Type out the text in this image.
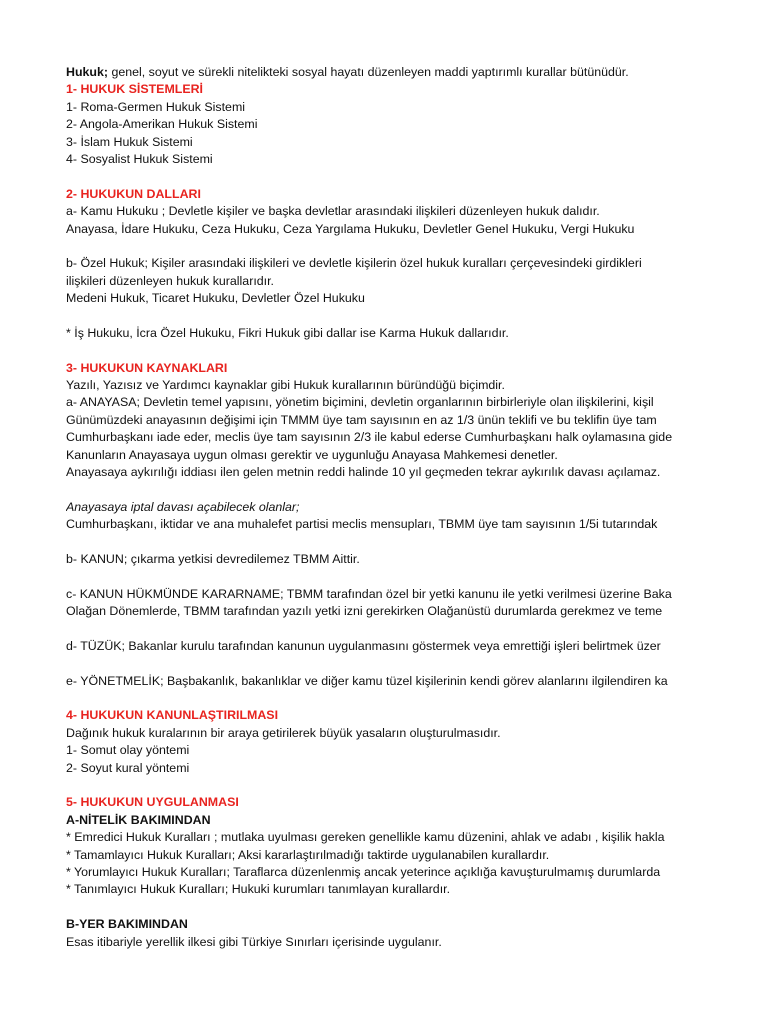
Hukuk; genel, soyut ve sürekli nitelikteki sosyal hayatı düzenleyen maddi yaptırımlı kurallar bütünüdür.
1- HUKUK SİSTEMLERİ
1- Roma-Germen Hukuk Sistemi
2- Angola-Amerikan Hukuk Sistemi
3- İslam Hukuk Sistemi
4- Sosyalist Hukuk Sistemi
2- HUKUKUN DALLARI
a- Kamu Hukuku ; Devletle kişiler ve başka devletlar arasındaki ilişkileri düzenleyen hukuk dalıdır.
Anayasa, İdare Hukuku, Ceza Hukuku, Ceza Yargılama Hukuku, Devletler Genel Hukuku, Vergi Hukuku
b- Özel Hukuk; Kişiler arasındaki ilişkileri ve devletle kişilerin özel hukuk kuralları çerçevesindeki girdikleri
ilişkileri düzenleyen hukuk kurallarıdır.
Medeni Hukuk, Ticaret Hukuku, Devletler Özel Hukuku
* İş Hukuku, İcra Özel Hukuku, Fikri Hukuk gibi dallar ise Karma Hukuk dallarıdır.
3- HUKUKUN KAYNAKLARI
Yazılı, Yazısız ve Yardımcı kaynaklar gibi Hukuk kurallarının büründüğü biçimdir.
a- ANAYASA; Devletin temel yapısını, yönetim biçimini, devletin organlarının birbirleriyle olan ilişkilerini, kişil
Günümüzdeki anayasının değişimi için TMMM üye tam sayısının en az 1/3 ünün teklifi ve bu teklifin üye tam
Cumhurbaşkanı iade eder, meclis üye tam sayısının 2/3 ile kabul ederse Cumhurbaşkanı halk oylamasına gide
Kanunların Anayasaya uygun olması gerektir ve uygunluğu Anayasa Mahkemesi denetler.
Anayasaya aykırılığı iddiası ilen gelen metnin reddi halinde 10 yıl geçmeden tekrar aykırılık davası açılamaz.
Anayasaya iptal davası açabilecek olanlar;
Cumhurbaşkanı, iktidar ve ana muhalefet partisi meclis mensupları, TBMM üye tam sayısının 1/5i tutarındak
b- KANUN; çıkarma yetkisi devredilemez TBMM Aittir.
c- KANUN HÜKMÜNDE KARARNAME; TBMM tarafından özel bir yetki kanunu ile yetki verilmesi üzerine Baka
Olağan Dönemlerde, TBMM tarafından yazılı yetki izni gerekirken Olağanüstü durumlarda gerekmez ve teme
d- TÜZÜK; Bakanlar kurulu tarafından kanunun uygulanmasını göstermek veya emrettiği işleri belirtmek üzer
e- YÖNETMELİK; Başbakanlık, bakanlıklar ve diğer kamu tüzel kişilerinin kendi görev alanlarını ilgilendiren ka
4- HUKUKUN KANUNLAŞTIRILMASI
Dağınık hukuk kuralarının bir araya getirilerek büyük yasaların oluşturulmasıdır.
1- Somut olay yöntemi
2- Soyut kural yöntemi
5- HUKUKUN UYGULANMASI
A-NİTELİK BAKIMINDAN
* Emredici Hukuk Kuralları ; mutlaka uyulması gereken genellikle kamu düzenini, ahlak ve adabı , kişilik hakla
* Tamamlayıcı Hukuk Kuralları; Aksi kararlaştırılmadığı taktirde uygulanabilen kurallardır.
* Yorumlayıcı Hukuk Kuralları; Taraflarca düzenlenmiş ancak yeterince açıklığa kavuşturulmamış durumlarda
* Tanımlayıcı Hukuk Kuralları; Hukuki kurumları tanımlayan kurallardır.
B-YER BAKIMINDAN
Esas itibariyle yerellik ilkesi gibi Türkiye Sınırları içerisinde uygulanır.
